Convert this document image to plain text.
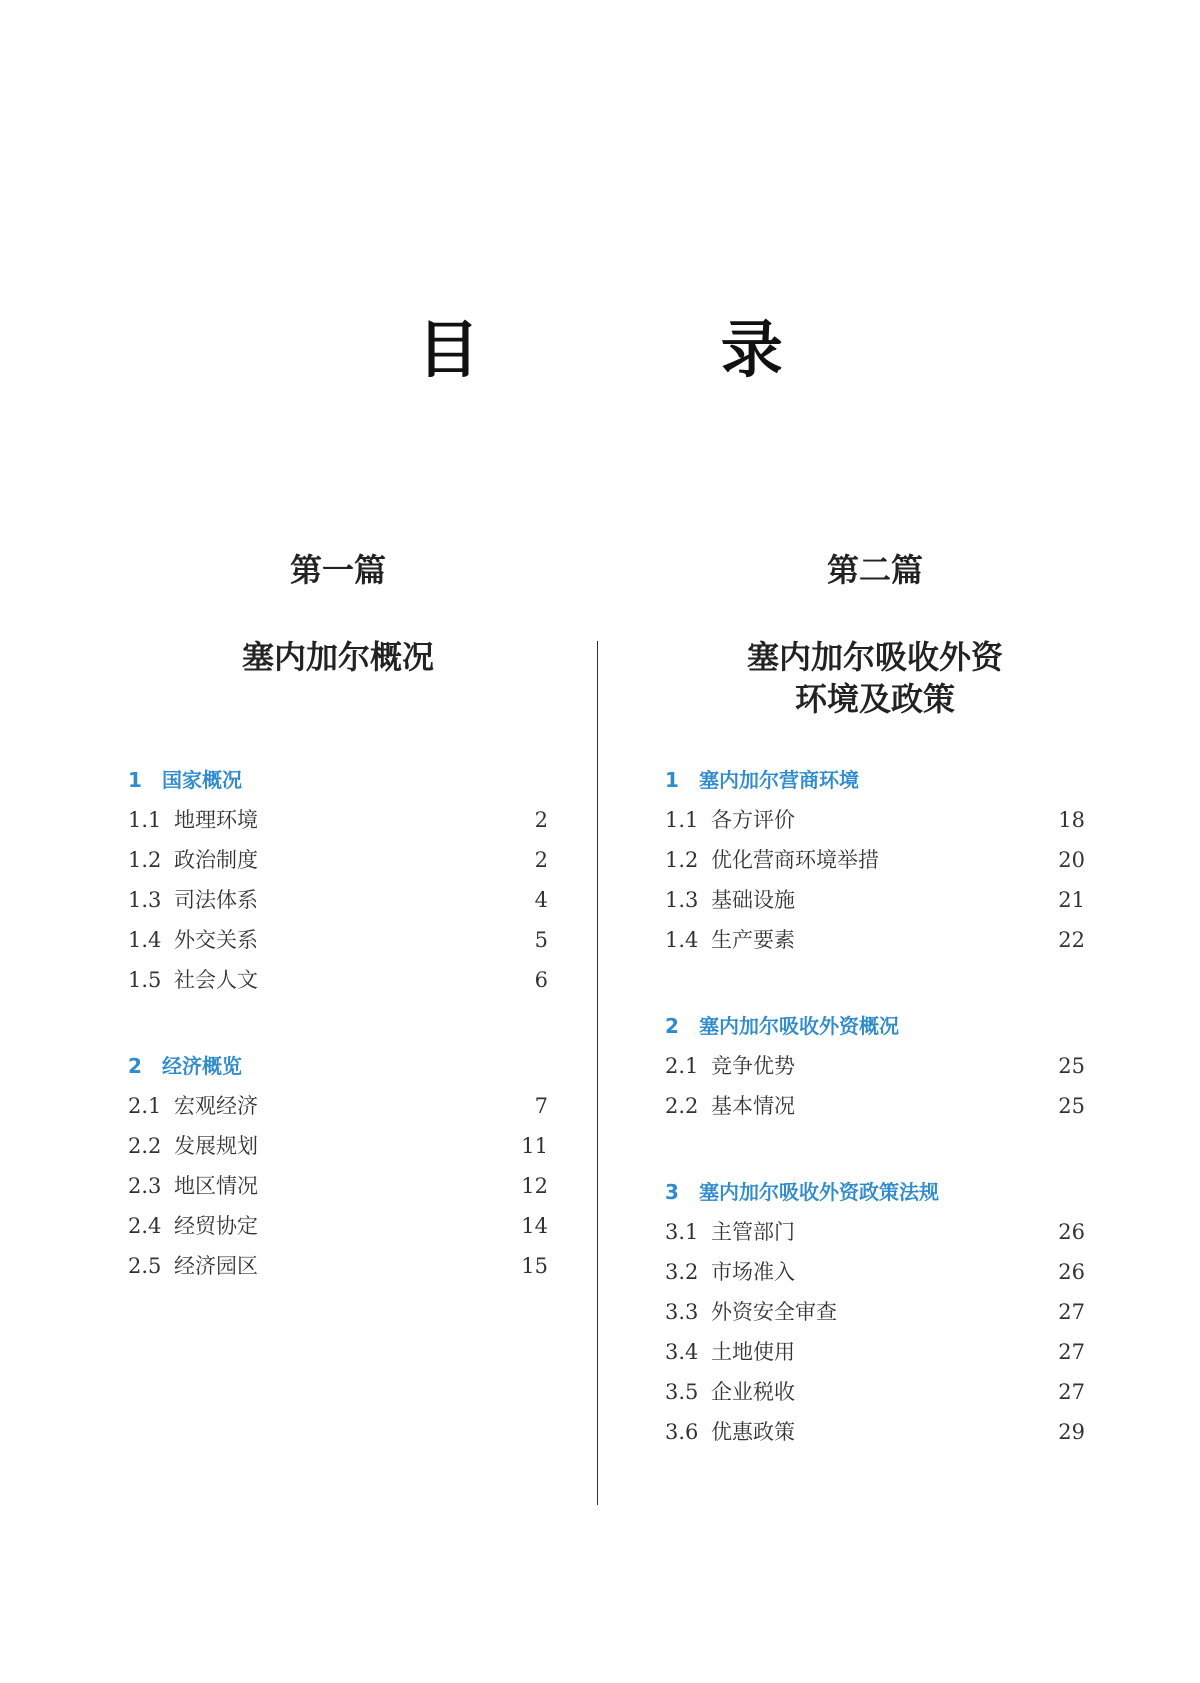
目 录
第一篇
塞内加尔概况
1 国家概况
1.1 地理环境	2
1.2 政治制度	2
1.3 司法体系	4
1.4 外交关系	5
1.5 社会人文	6
2 经济概览
2.1 宏观经济	7
2.2 发展规划	11
2.3 地区情况	12
2.4 经贸协定	14
2.5 经济园区	15
第二篇
塞内加尔吸收外资
环境及政策
1 塞内加尔营商环境
1.1 各方评价	18
1.2 优化营商环境举措	20
1.3 基础设施	21
1.4 生产要素	22
2 塞内加尔吸收外资概况
2.1 竞争优势	25
2.2 基本情况	25
3 塞内加尔吸收外资政策法规
3.1 主管部门	26
3.2 市场准入	26
3.3 外资安全审查	27
3.4 土地使用	27
3.5 企业税收	27
3.6 优惠政策	29
